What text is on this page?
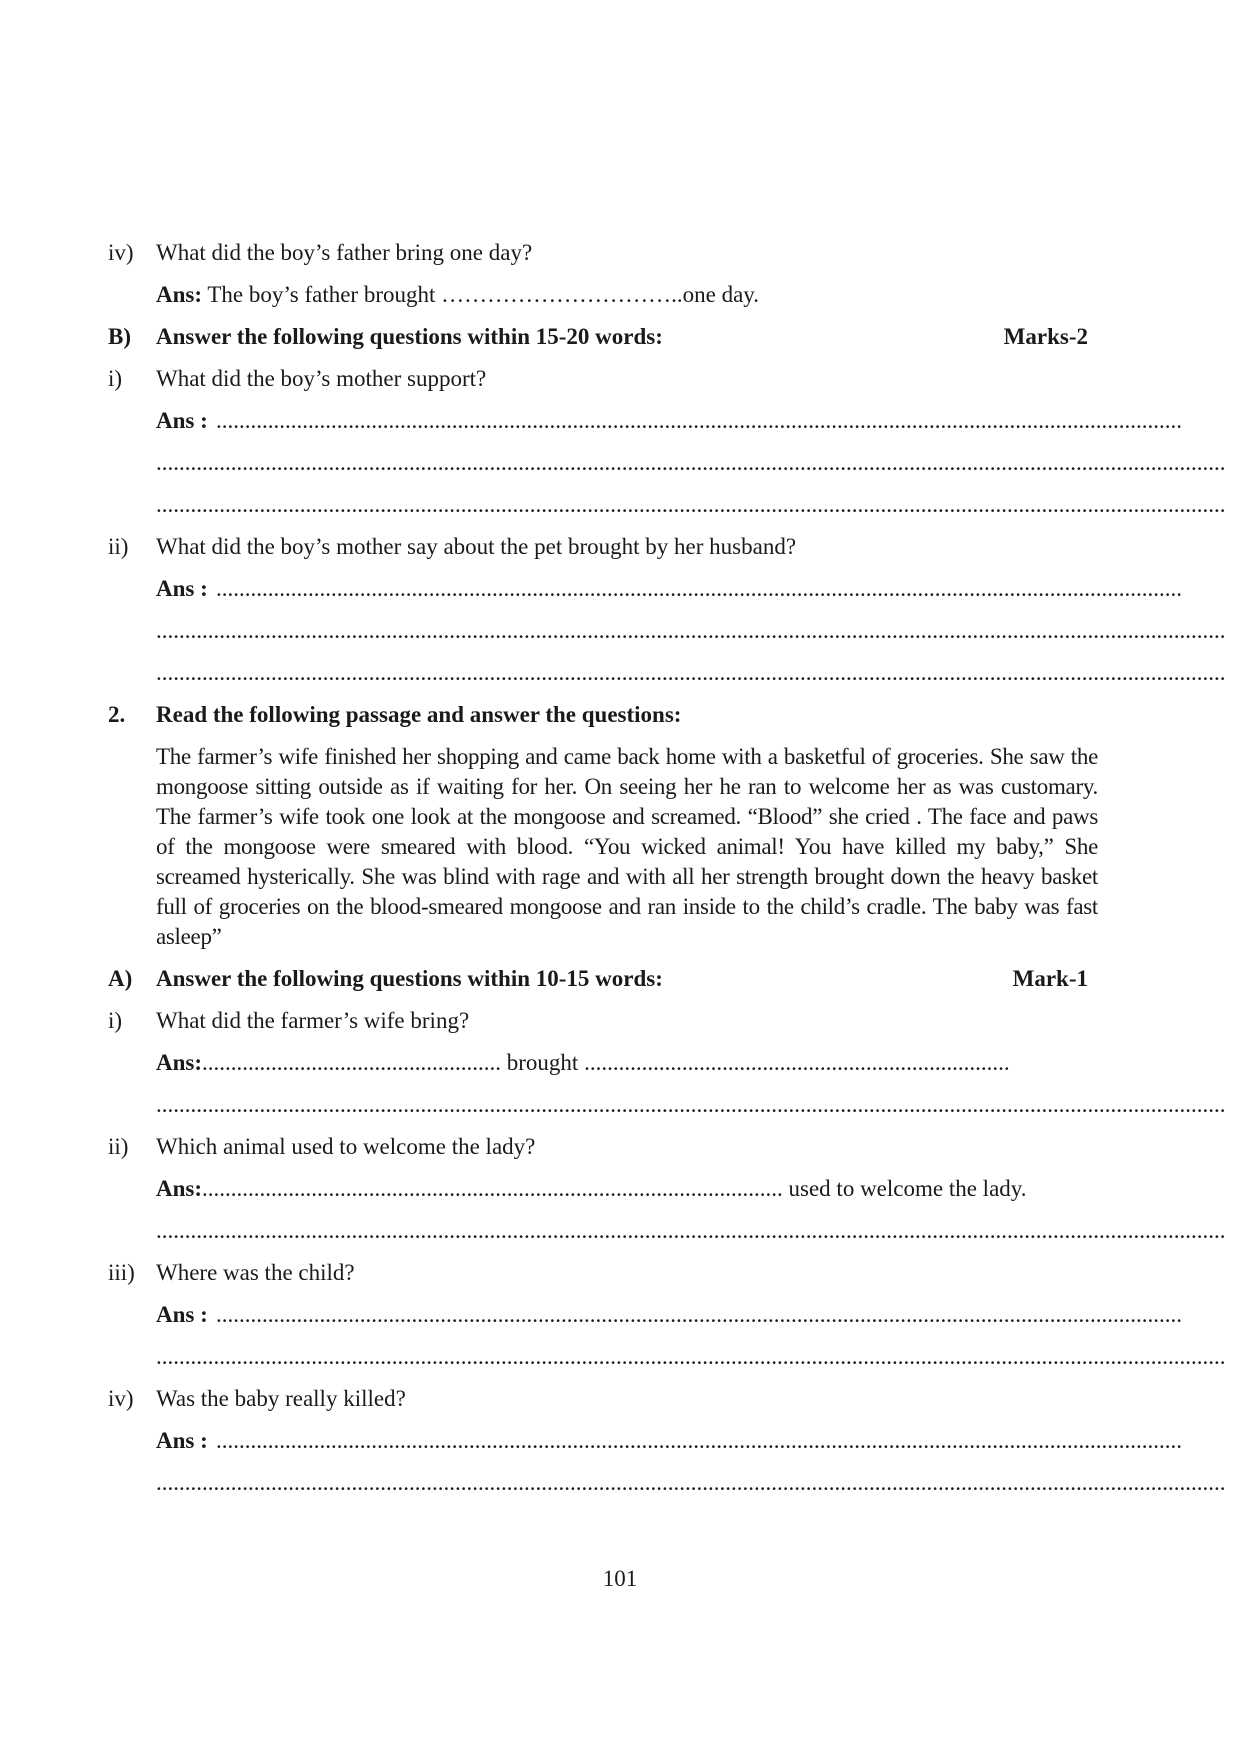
iv) What did the boy’s father bring one day?
Ans: The boy’s father brought …………………………..one day.
B)	Answer the following questions within 15-20 words:	Marks-2
i)	What did the boy’s mother support?
Ans : ........................................................................................................................................................................
..........................................................................................................................................................................................
..........................................................................................................................................................................................
ii)	What did the boy’s mother say about the pet brought by her husband?
Ans : ........................................................................................................................................................................
..........................................................................................................................................................................................
..........................................................................................................................................................................................
2.	Read the following passage and answer the questions:
The farmer’s wife finished her shopping and came back home with a basketful of groceries. She saw the mongoose sitting outside as if waiting for her. On seeing her he ran to welcome her as was customary. The farmer’s wife took one look at the mongoose and screamed. “Blood” she cried . The face and paws of the mongoose were smeared with blood. “You wicked animal! You have killed my baby,” She screamed hysterically. She was blind with rage and with all her strength brought down the heavy basket full of groceries on the blood-smeared mongoose and ran inside to the child’s cradle. The baby was fast asleep”
A)	Answer the following questions within 10-15 words:	Mark-1
i)	What did the farmer’s wife bring?
Ans:.................................................... brought ..........................................................................
..........................................................................................................................................................................................
ii)	Which animal used to welcome the lady?
Ans:..................................................................................................... used to welcome the lady.
..........................................................................................................................................................................................
iii) Where was the child?
Ans : ........................................................................................................................................................................
..........................................................................................................................................................................................
iv) Was the baby really killed?
Ans : ........................................................................................................................................................................
..........................................................................................................................................................................................
101
